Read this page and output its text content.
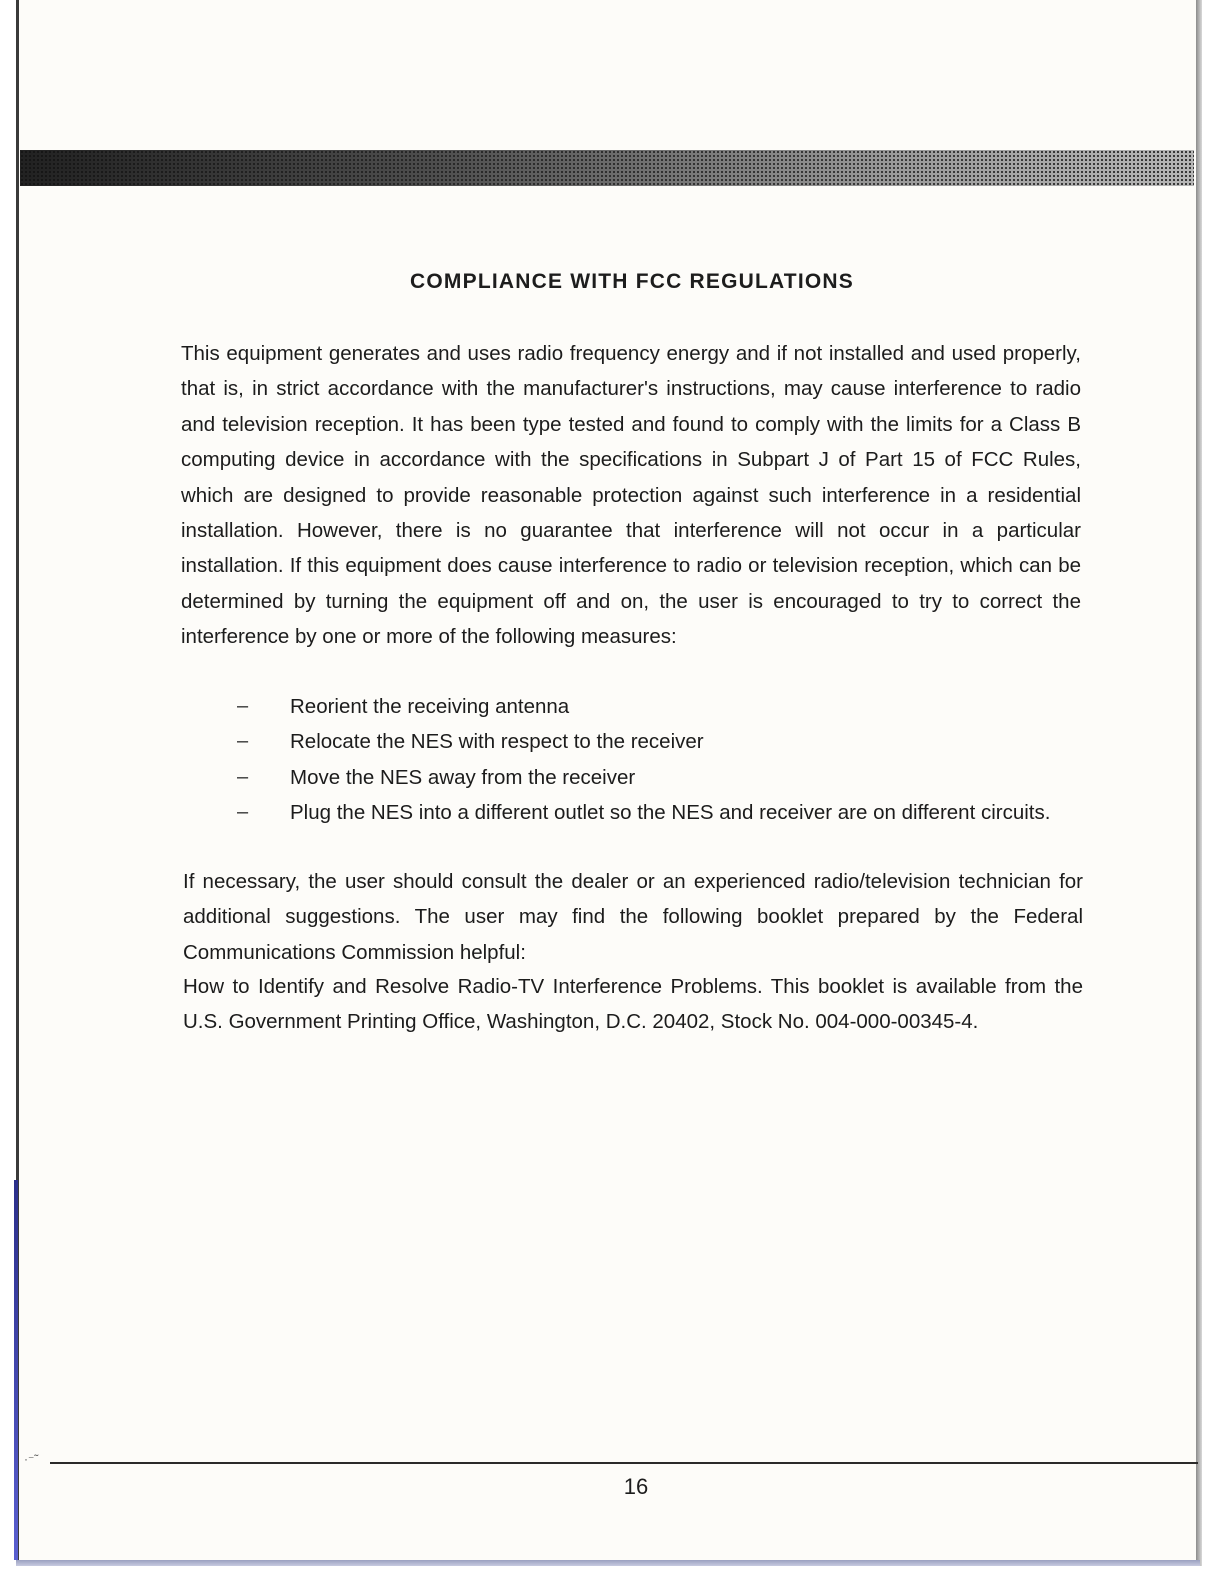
COMPLIANCE WITH FCC REGULATIONS

This equipment generates and uses radio frequency energy and if not installed and used properly, that is, in strict accordance with the manufacturer's instructions, may cause interference to radio and television reception. It has been type tested and found to comply with the limits for a Class B computing device in accordance with the specifications in Subpart J of Part 15 of FCC Rules, which are designed to provide reasonable protection against such interference in a residential installation. However, there is no guarantee that interference will not occur in a particular installation. If this equipment does cause interference to radio or television reception, which can be determined by turning the equipment off and on, the user is encouraged to try to correct the interference by one or more of the following measures:

– Reorient the receiving antenna
– Relocate the NES with respect to the receiver
– Move the NES away from the receiver
– Plug the NES into a different outlet so the NES and receiver are on different circuits.

If necessary, the user should consult the dealer or an experienced radio/television technician for additional suggestions. The user may find the following booklet prepared by the Federal Communications Commission helpful:

How to Identify and Resolve Radio-TV Interference Problems. This booklet is available from the U.S. Government Printing Office, Washington, D.C. 20402, Stock No. 004-000-00345-4.

·⁻˜
16
